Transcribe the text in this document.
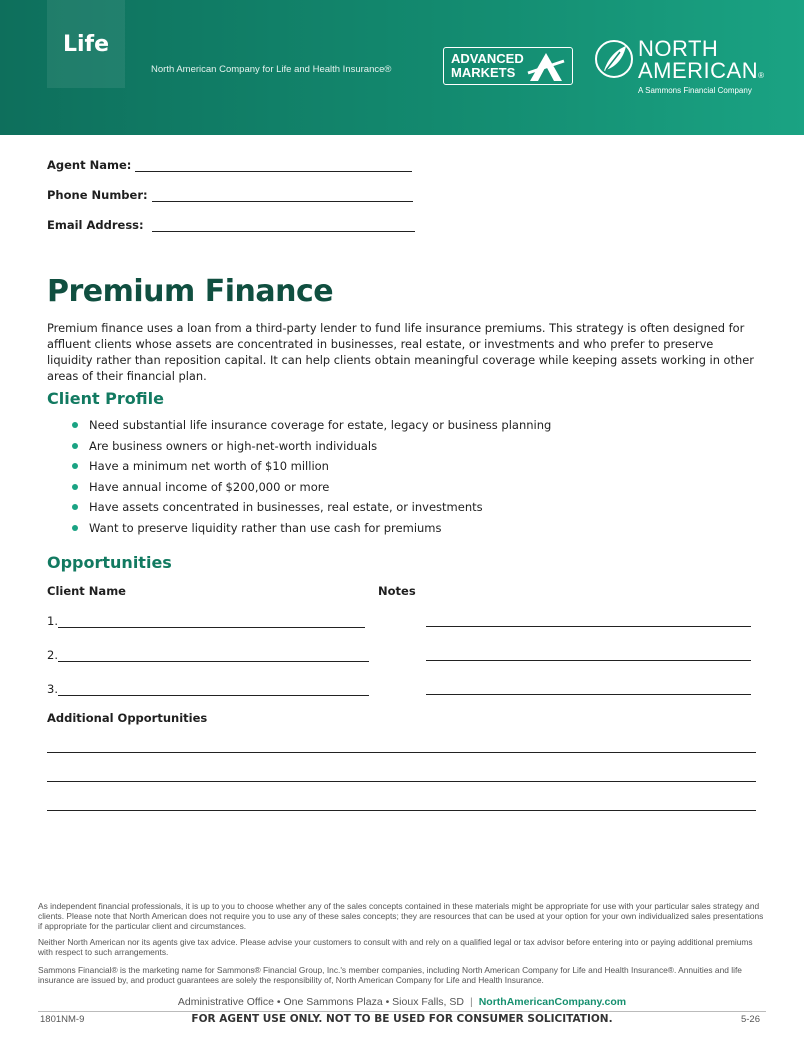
Life
North American Company for Life and Health Insurance®
ADVANCED
MARKETS
NORTH
AMERICAN®
A Sammons Financial Company
Agent Name:
Phone Number:
Email Address:
Premium Finance
Premium finance uses a loan from a third-party lender to fund life insurance premiums. This strategy is often designed for affluent clients whose assets are concentrated in businesses, real estate, or investments and who prefer to preserve liquidity rather than reposition capital. It can help clients obtain meaningful coverage while keeping assets working in other areas of their financial plan.
Client Profile
Need substantial life insurance coverage for estate, legacy or business planning
Are business owners or high-net-worth individuals
Have a minimum net worth of $10 million
Have annual income of $200,000 or more
Have assets concentrated in businesses, real estate, or investments
Want to preserve liquidity rather than use cash for premiums
Opportunities
Client Name	Notes
1.
2.
3.
Additional Opportunities
As independent financial professionals, it is up to you to choose whether any of the sales concepts contained in these materials might be appropriate for use with your particular sales strategy and clients. Please note that North American does not require you to use any of these sales concepts; they are resources that can be used at your option for your own individualized sales presentations if appropriate for the particular client and circumstances.
Neither North American nor its agents give tax advice. Please advise your customers to consult with and rely on a qualified legal or tax advisor before entering into or paying additional premiums with respect to such arrangements.
Sammons Financial® is the marketing name for Sammons® Financial Group, Inc.'s member companies, including North American Company for Life and Health Insurance®. Annuities and life insurance are issued by, and product guarantees are solely the responsibility of, North American Company for Life and Health Insurance.
Administrative Office • One Sammons Plaza • Sioux Falls, SD | NorthAmericanCompany.com
1801NM-9	FOR AGENT USE ONLY. NOT TO BE USED FOR CONSUMER SOLICITATION.	5-26
